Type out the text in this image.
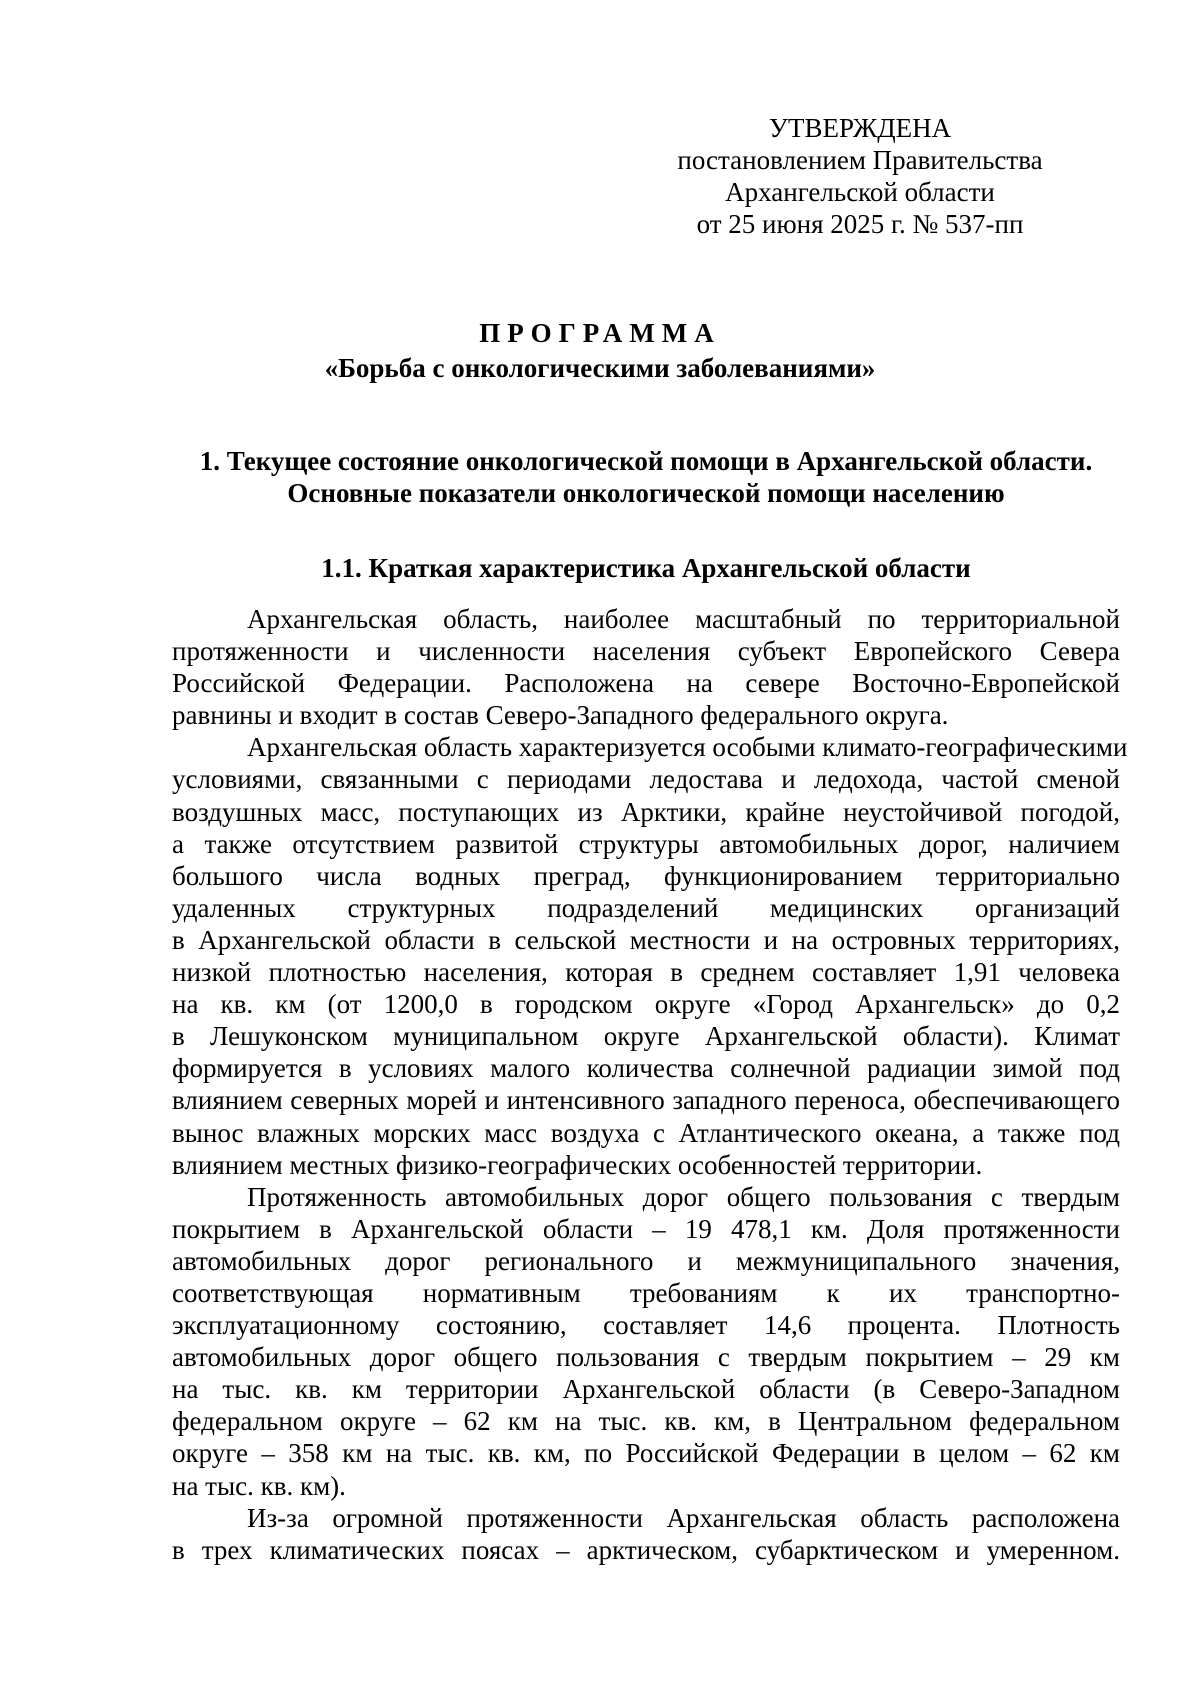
УТВЕРЖДЕНА
постановлением Правительства
Архангельской области
от 25 июня 2025 г. № 537-пп
ПРОГРАММА
«Борьба с онкологическими заболеваниями»
1. Текущее состояние онкологической помощи в Архангельской области.
Основные показатели онкологической помощи населению
1.1. Краткая характеристика Архангельской области
Архангельская область, наиболее масштабный по территориальной
протяженности и численности населения субъект Европейского Севера
Российской Федерации. Расположена на севере Восточно-Европейской
равнины и входит в состав Северо-Западного федерального округа.
Архангельская область характеризуется особыми климато-географическими
условиями, связанными с периодами ледостава и ледохода, частой сменой
воздушных масс, поступающих из Арктики, крайне неустойчивой погодой,
а также отсутствием развитой структуры автомобильных дорог, наличием
большого числа водных преград, функционированием территориально
удаленных структурных подразделений медицинских организаций
в Архангельской области в сельской местности и на островных территориях,
низкой плотностью населения, которая в среднем составляет 1,91 человека
на кв. км (от 1200,0 в городском округе «Город Архангельск» до 0,2
в Лешуконском муниципальном округе Архангельской области). Климат
формируется в условиях малого количества солнечной радиации зимой под
влиянием северных морей и интенсивного западного переноса, обеспечивающего
вынос влажных морских масс воздуха с Атлантического океана, а также под
влиянием местных физико-географических особенностей территории.
Протяженность автомобильных дорог общего пользования с твердым
покрытием в Архангельской области – 19 478,1 км. Доля протяженности
автомобильных дорог регионального и межмуниципального значения,
соответствующая нормативным требованиям к их транспортно-
эксплуатационному состоянию, составляет 14,6 процента. Плотность
автомобильных дорог общего пользования с твердым покрытием – 29 км
на тыс. кв. км территории Архангельской области (в Северо-Западном
федеральном округе – 62 км на тыс. кв. км, в Центральном федеральном
округе – 358 км на тыс. кв. км, по Российской Федерации в целом – 62 км
на тыс. кв. км).
Из-за огромной протяженности Архангельская область расположена
в трех климатических поясах – арктическом, субарктическом и умеренном.
